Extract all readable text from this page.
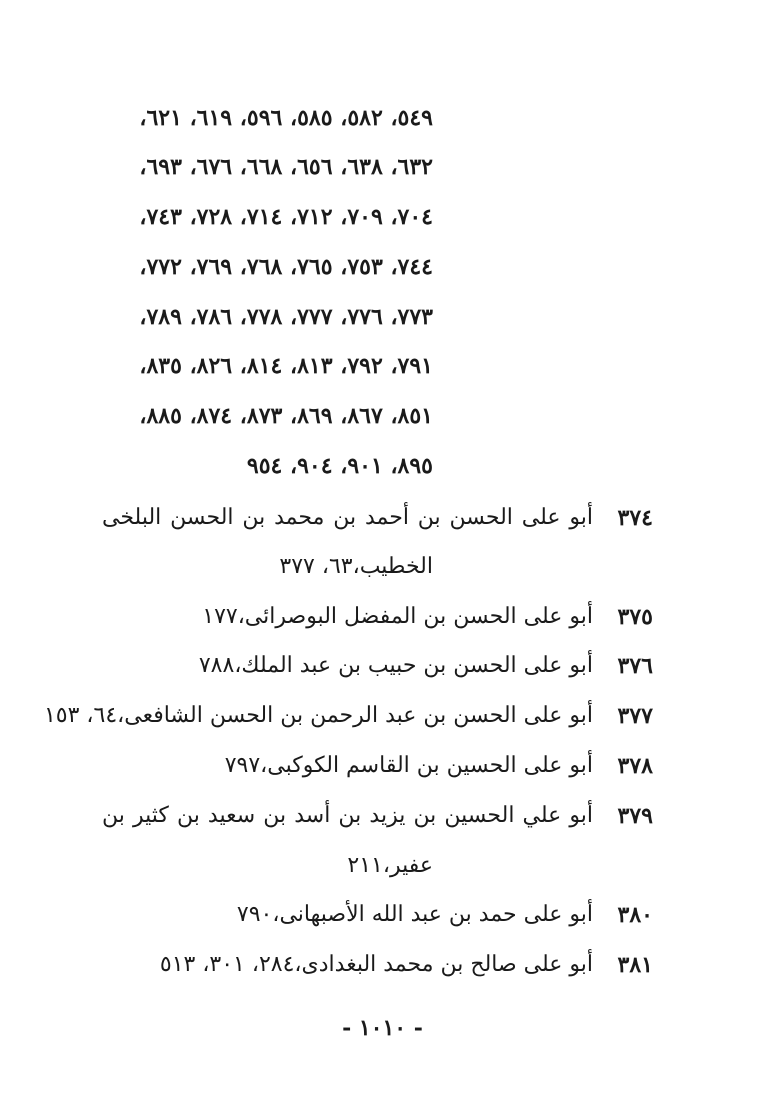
٥٤٩، ٥٨٢، ٥٨٥، ٥٩٦، ٦١٩، ٦٢١،
٦٣٢، ٦٣٨، ٦٥٦، ٦٦٨، ٦٧٦، ٦٩٣،
٧٠٤، ٧٠٩، ٧١٢، ٧١٤، ٧٢٨، ٧٤٣،
٧٤٤، ٧٥٣، ٧٦٥، ٧٦٨، ٧٦٩، ٧٧٢،
٧٧٣، ٧٧٦، ٧٧٧، ٧٧٨، ٧٨٦، ٧٨٩،
٧٩١، ٧٩٢، ٨١٣، ٨١٤، ٨٢٦، ٨٣٥،
٨٥١، ٨٦٧، ٨٦٩، ٨٧٣، ٨٧٤، ٨٨٥،
٨٩٥، ٩٠١، ٩٠٤، ٩٥٤
٣٧٤
أبو على الحسن بن أحمد بن محمد بن الحسن البلخى
الخطيب،٦٣، ٣٧٧
٣٧٥
أبو على الحسن بن المفضل البوصرائى،١٧٧
٣٧٦
أبو على الحسن بن حبيب بن عبد الملك،٧٨٨
٣٧٧
أبو على الحسن بن عبد الرحمن بن الحسن الشافعى،٦٤، ١٥٣
٣٧٨
أبو على الحسين بن القاسم الكوكبى،٧٩٧
٣٧٩
أبو علي الحسين بن يزيد بن أسد بن سعيد بن كثير بن
عفير،٢١١
٣٨٠
أبو على حمد بن عبد الله الأصبهانى،٧٩٠
٣٨١
أبو على صالح بن محمد البغدادى،٢٨٤، ٣٠١، ٥١٣
- ١٠١٠ -
